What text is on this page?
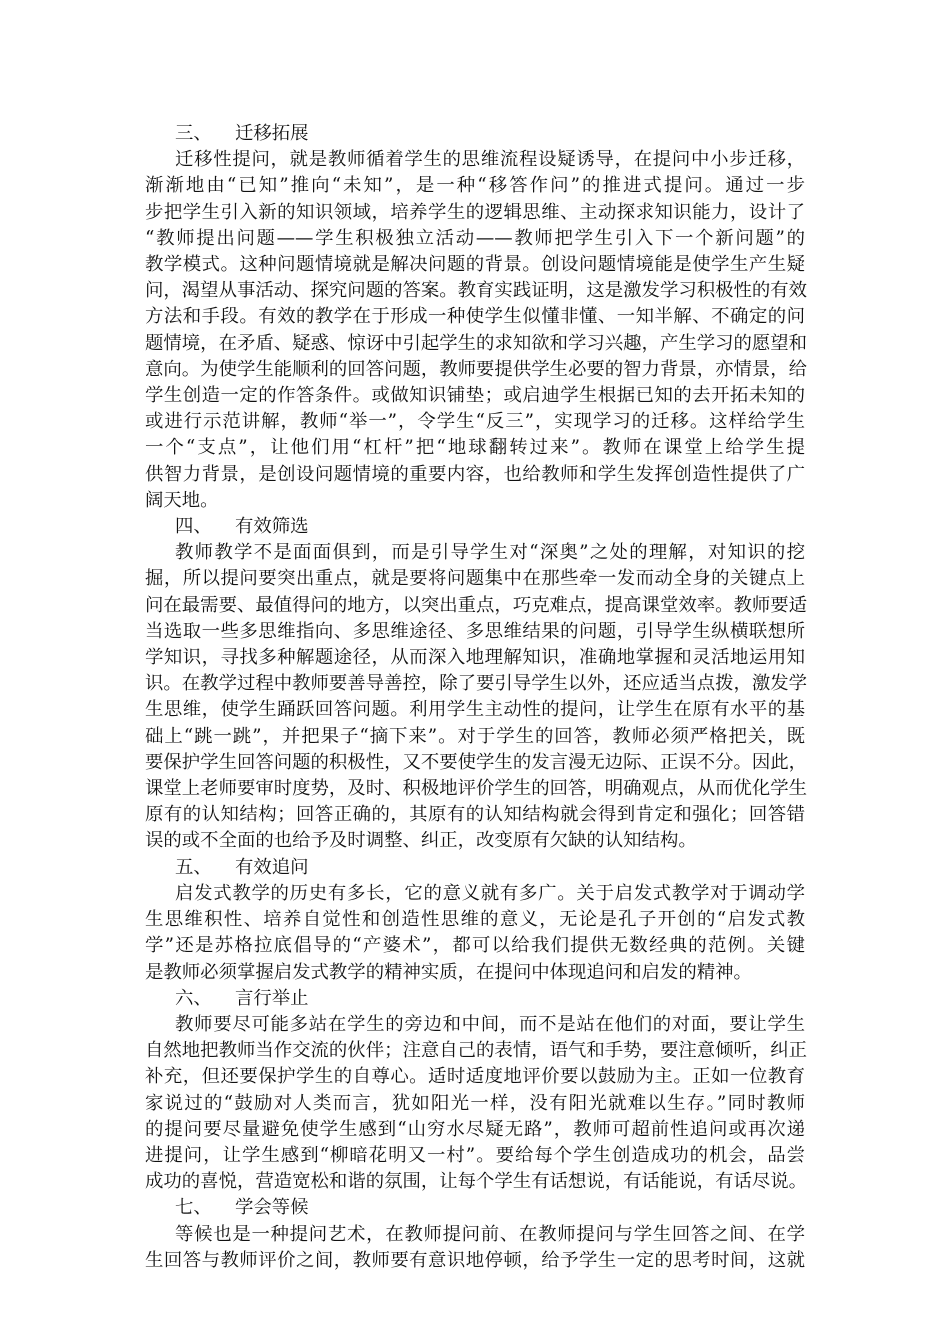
三、 迁移拓展
迁移性提问，就是教师循着学生的思维流程设疑诱导，在提问中小步迁移，
渐渐地由“已知”推向“未知”，是一种“移答作问”的推进式提问。通过一步
步把学生引入新的知识领域，培养学生的逻辑思维、主动探求知识能力，设计了
“教师提出问题——学生积极独立活动——教师把学生引入下一个新问题”的
教学模式。这种问题情境就是解决问题的背景。创设问题情境能是使学生产生疑
问，渴望从事活动、探究问题的答案。教育实践证明，这是激发学习积极性的有效
方法和手段。有效的教学在于形成一种使学生似懂非懂、一知半解、不确定的问
题情境，在矛盾、疑惑、惊讶中引起学生的求知欲和学习兴趣，产生学习的愿望和
意向。为使学生能顺利的回答问题，教师要提供学生必要的智力背景，亦情景，给
学生创造一定的作答条件。或做知识铺垫；或启迪学生根据已知的去开拓未知的
或进行示范讲解，教师“举一”，令学生“反三”，实现学习的迁移。这样给学生
一个“支点”，让他们用“杠杆”把“地球翻转过来”。教师在课堂上给学生提
供智力背景，是创设问题情境的重要内容，也给教师和学生发挥创造性提供了广
阔天地。
四、 有效筛选
教师教学不是面面俱到，而是引导学生对“深奥”之处的理解，对知识的挖
掘，所以提问要突出重点，就是要将问题集中在那些牵一发而动全身的关键点上
问在最需要、最值得问的地方，以突出重点，巧克难点，提高课堂效率。教师要适
当选取一些多思维指向、多思维途径、多思维结果的问题，引导学生纵横联想所
学知识，寻找多种解题途径，从而深入地理解知识，准确地掌握和灵活地运用知
识。在教学过程中教师要善导善控，除了要引导学生以外，还应适当点拨，激发学
生思维，使学生踊跃回答问题。利用学生主动性的提问，让学生在原有水平的基
础上“跳一跳”，并把果子“摘下来”。对于学生的回答，教师必须严格把关，既
要保护学生回答问题的积极性，又不要使学生的发言漫无边际、正误不分。因此，
课堂上老师要审时度势，及时、积极地评价学生的回答，明确观点，从而优化学生
原有的认知结构；回答正确的，其原有的认知结构就会得到肯定和强化；回答错
误的或不全面的也给予及时调整、纠正，改变原有欠缺的认知结构。
五、 有效追问
启发式教学的历史有多长，它的意义就有多广。关于启发式教学对于调动学
生思维积性、培养自觉性和创造性思维的意义，无论是孔子开创的“启发式教
学”还是苏格拉底倡导的“产婆术”，都可以给我们提供无数经典的范例。关键
是教师必须掌握启发式教学的精神实质，在提问中体现追问和启发的精神。
六、 言行举止
教师要尽可能多站在学生的旁边和中间，而不是站在他们的对面，要让学生
自然地把教师当作交流的伙伴；注意自己的表情，语气和手势，要注意倾听，纠正
补充，但还要保护学生的自尊心。适时适度地评价要以鼓励为主。正如一位教育
家说过的“鼓励对人类而言，犹如阳光一样，没有阳光就难以生存。”同时教师
的提问要尽量避免使学生感到“山穷水尽疑无路”，教师可超前性追问或再次递
进提问，让学生感到“柳暗花明又一村”。要给每个学生创造成功的机会，品尝
成功的喜悦，营造宽松和谐的氛围，让每个学生有话想说，有话能说，有话尽说。
七、 学会等候
等候也是一种提问艺术，在教师提问前、在教师提问与学生回答之间、在学
生回答与教师评价之间，教师要有意识地停顿，给予学生一定的思考时间，这就
